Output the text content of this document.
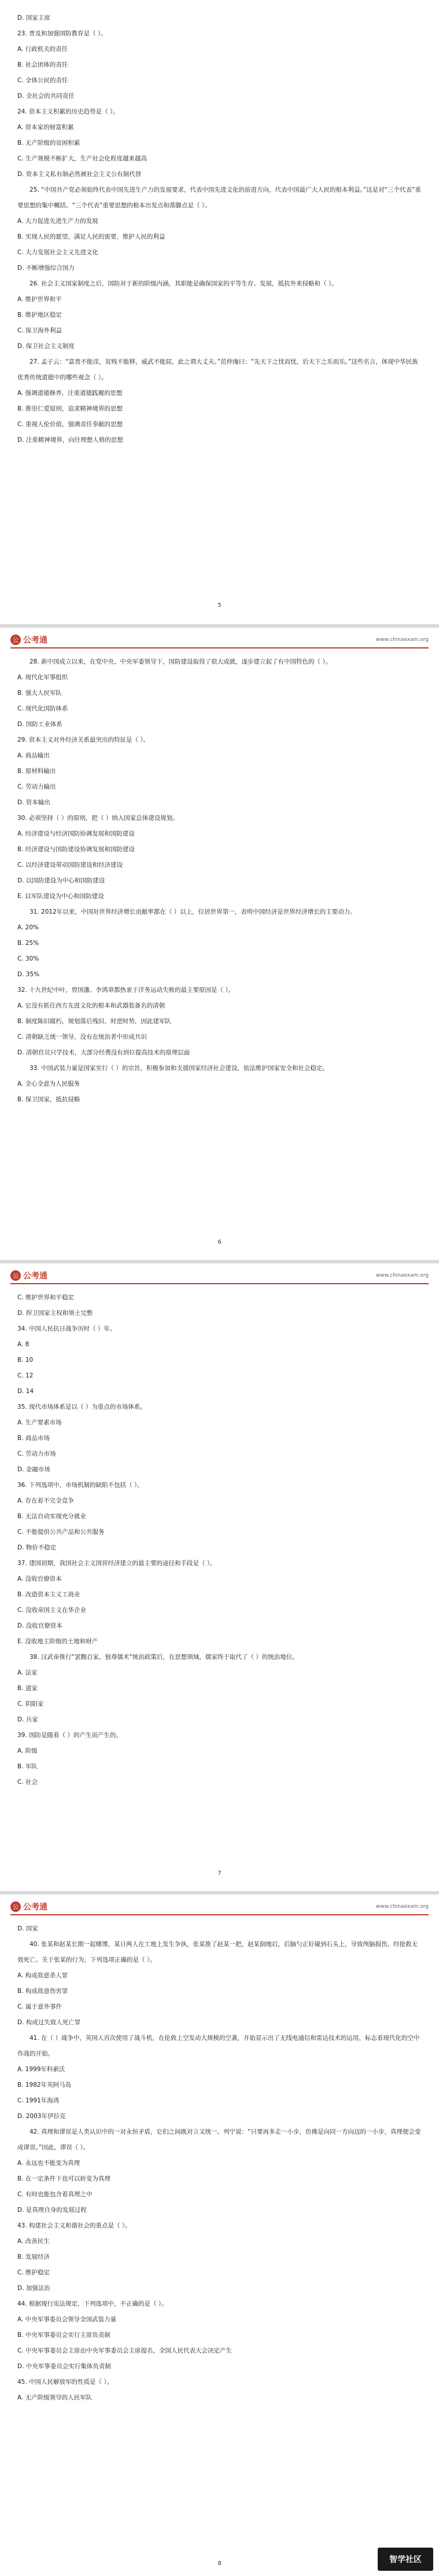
D. 国家主席
23. 普及和加强国防教育是（ ）。
A. 行政机关的责任
B. 社会团体的责任
C. 全体公民的责任
D. 全社会的共同责任
24. 资本主义积累的历史趋势是（ ）。
A. 资本家的财富积累
B. 无产阶级的贫困积累
C. 生产规模不断扩大，生产社会化程度越来越高
D. 资本主义私有制必然被社会主义公有制代替
25. “中国共产党必须始终代表中国先进生产力的发展要求，代表中国先进文化的前进方向，代表中国最广大人民的根本利益。”这是对“三个代表”重要思想的集中概括。“三个代表”重要思想的根本出发点和落脚点是（ ）。
A. 大力促进先进生产力的发展
B. 实现人民的愿望，满足人民的需要，维护人民的利益
C. 大力发展社会主义先进文化
D. 不断增强综合国力
26. 社会主义国家制度之后，国防对于新的阶级内涵，其职能是确保国家的平等生存、发展，抵抗外来侵略和（ ）。
A. 维护世界和平
B. 维护地区稳定
C. 保卫海外利益
D. 保卫社会主义制度
27. 孟子云：“富贵不能淫，贫贱不能移，威武不能屈，此之谓大丈夫。”范仲淹曰：“先天下之忧而忧，后天下之乐而乐。”这些名言，体现中华民族优秀传统道德中的哪些观念（ ）。
A. 强调道德修养，注重道德践履的思想
B. 推崇仁爱原则，追求精神境界的思想
C. 重视人伦价值，强调责任奉献的思想
D. 注重精神境界，向往理想人格的思想
5
公 公考通	www.chinaexam.org
28. 新中国成立以来，在党中央、中央军委领导下，国防建设取得了很大成就，逐步建立起了有中国特色的（ ）。
A. 现代化军事组织
B. 强大人民军队
C. 现代化国防体系
D. 国防工业体系
29. 资本主义对外经济关系最突出的特征是（ ）。
A. 商品输出
B. 原材料输出
C. 劳动力输出
D. 资本输出
30. 必须坚持（ ）的原则，把（ ）纳入国家总体建设规划。
A. 经济建设与经济国防协调发展和国防建设
B. 经济建设与国防建设协调发展和国防建设
C. 以经济建设带动国防建设和经济建设
D. 以国防建设为中心和国防建设
E. 以军队建设为中心和国防建设
31. 2012年以来，中国对世界经济增长贡献率都在（ ）以上，位居世界第一，表明中国经济是世界经济增长的主要动力。
A. 20%
B. 25%
C. 30%
D. 35%
32. 十九世纪中叶，曾国藩、李鸿章都热衷于洋务运动失败的最主要原因是（ ）。
A. 它没有抓住西方先进文化的根本和武器装备名的清朝
B. 制度陈旧腐朽，规划落后残旧，时逆时势，因此建军队
C. 清朝缺乏统一领导，没有在统治者中形成共识
D. 清朝官员只学技术，大部分经费没有到位提高技术的原理层面
33. 中国武装力量是国家实行（ ）的宗旨，积极参加和支援国家经济社会建设，依法维护国家安全和社会稳定。
A. 全心全意为人民服务
B. 保卫国家，抵抗侵略
6
公 公考通	www.chinaexam.org
C. 维护世界和平稳定
D. 捍卫国家主权和领土完整
34. 中国人民抗日战争历时（ ）年。
A. 8
B. 10
C. 12
D. 14
35. 现代市场体系是以（ ）为重点的市场体系。
A. 生产要素市场
B. 商品市场
C. 劳动力市场
D. 金融市场
36. 下列选项中，市场机制的缺陷不包括（ ）。
A. 存在着不完全竞争
B. 无法自动实现充分就业
C. 不能提供公共产品和公共服务
D. 物价不稳定
37. 建国初期，我国社会主义国营经济建立的最主要的途径和手段是（ ）。
A. 没收官僚资本
B. 改造资本主义工商业
C. 没收帝国主义在华企业
D. 没收官僚资本
E. 没收地主阶级的土地和财产
38. 汉武帝推行“罢黜百家，独尊儒术”统治政策后，在思想领域，儒家终于取代了（ ）的统治地位。
A. 法家
B. 道家
C. 阴阳家
D. 兵家
39. 国防是随着（ ）的产生而产生的。
A. 阶级
B. 军队
C. 社会
7
公 公考通	www.chinaexam.org
D. 国家
40. 张某和赵某长期一起赌博，某日两人在工地上发生争执，张某推了赵某一把，赵某倒地后，后脑勺正好碰到石头上，导致颅脑损伤，经抢救无效死亡。关于张某的行为，下列选项正确的是（ ）。
A. 构成故意杀人罪
B. 构成故意伤害罪
C. 属于意外事件
D. 构成过失致人死亡罪
41. 在（ ）战争中，英国人首次使用了战斗机，在伦敦上空发动大规模的空袭，开始显示出了无线电通信和雷达技术的运用，标志着现代化的空中作战的开始。
A. 1999年科索沃
B. 1982年英阿马岛
C. 1991年海湾
D. 2003年伊拉克
42. 真理和谬误是人类认识中的一对永恒矛盾，它们之间既对立又统一。列宁说：“只要再多走一小步，仿佛是向同一方向迈的一小步，真理便会变成谬误。”因此，谬误（ ）。
A. 永远也不能变为真理
B. 在一定条件下也可以转变为真理
C. 有时也能包含着真理之中
D. 是真理自身的发展过程
43. 构建社会主义和谐社会的重点是（ ）。
A. 改善民生
B. 发展经济
C. 维护稳定
D. 加强法治
44. 根据现行宪法规定，下列选项中，不正确的是（ ）。
A. 中央军事委员会领导全国武装力量
B. 中央军事委员会实行主席负责制
C. 中央军事委员会主席由中央军事委员会主席提名，全国人民代表大会决定产生
D. 中央军事委员会实行集体负责制
45. 中国人民解放军的性质是（ ）。
A. 无产阶级领导的人民军队
8	智学社区
